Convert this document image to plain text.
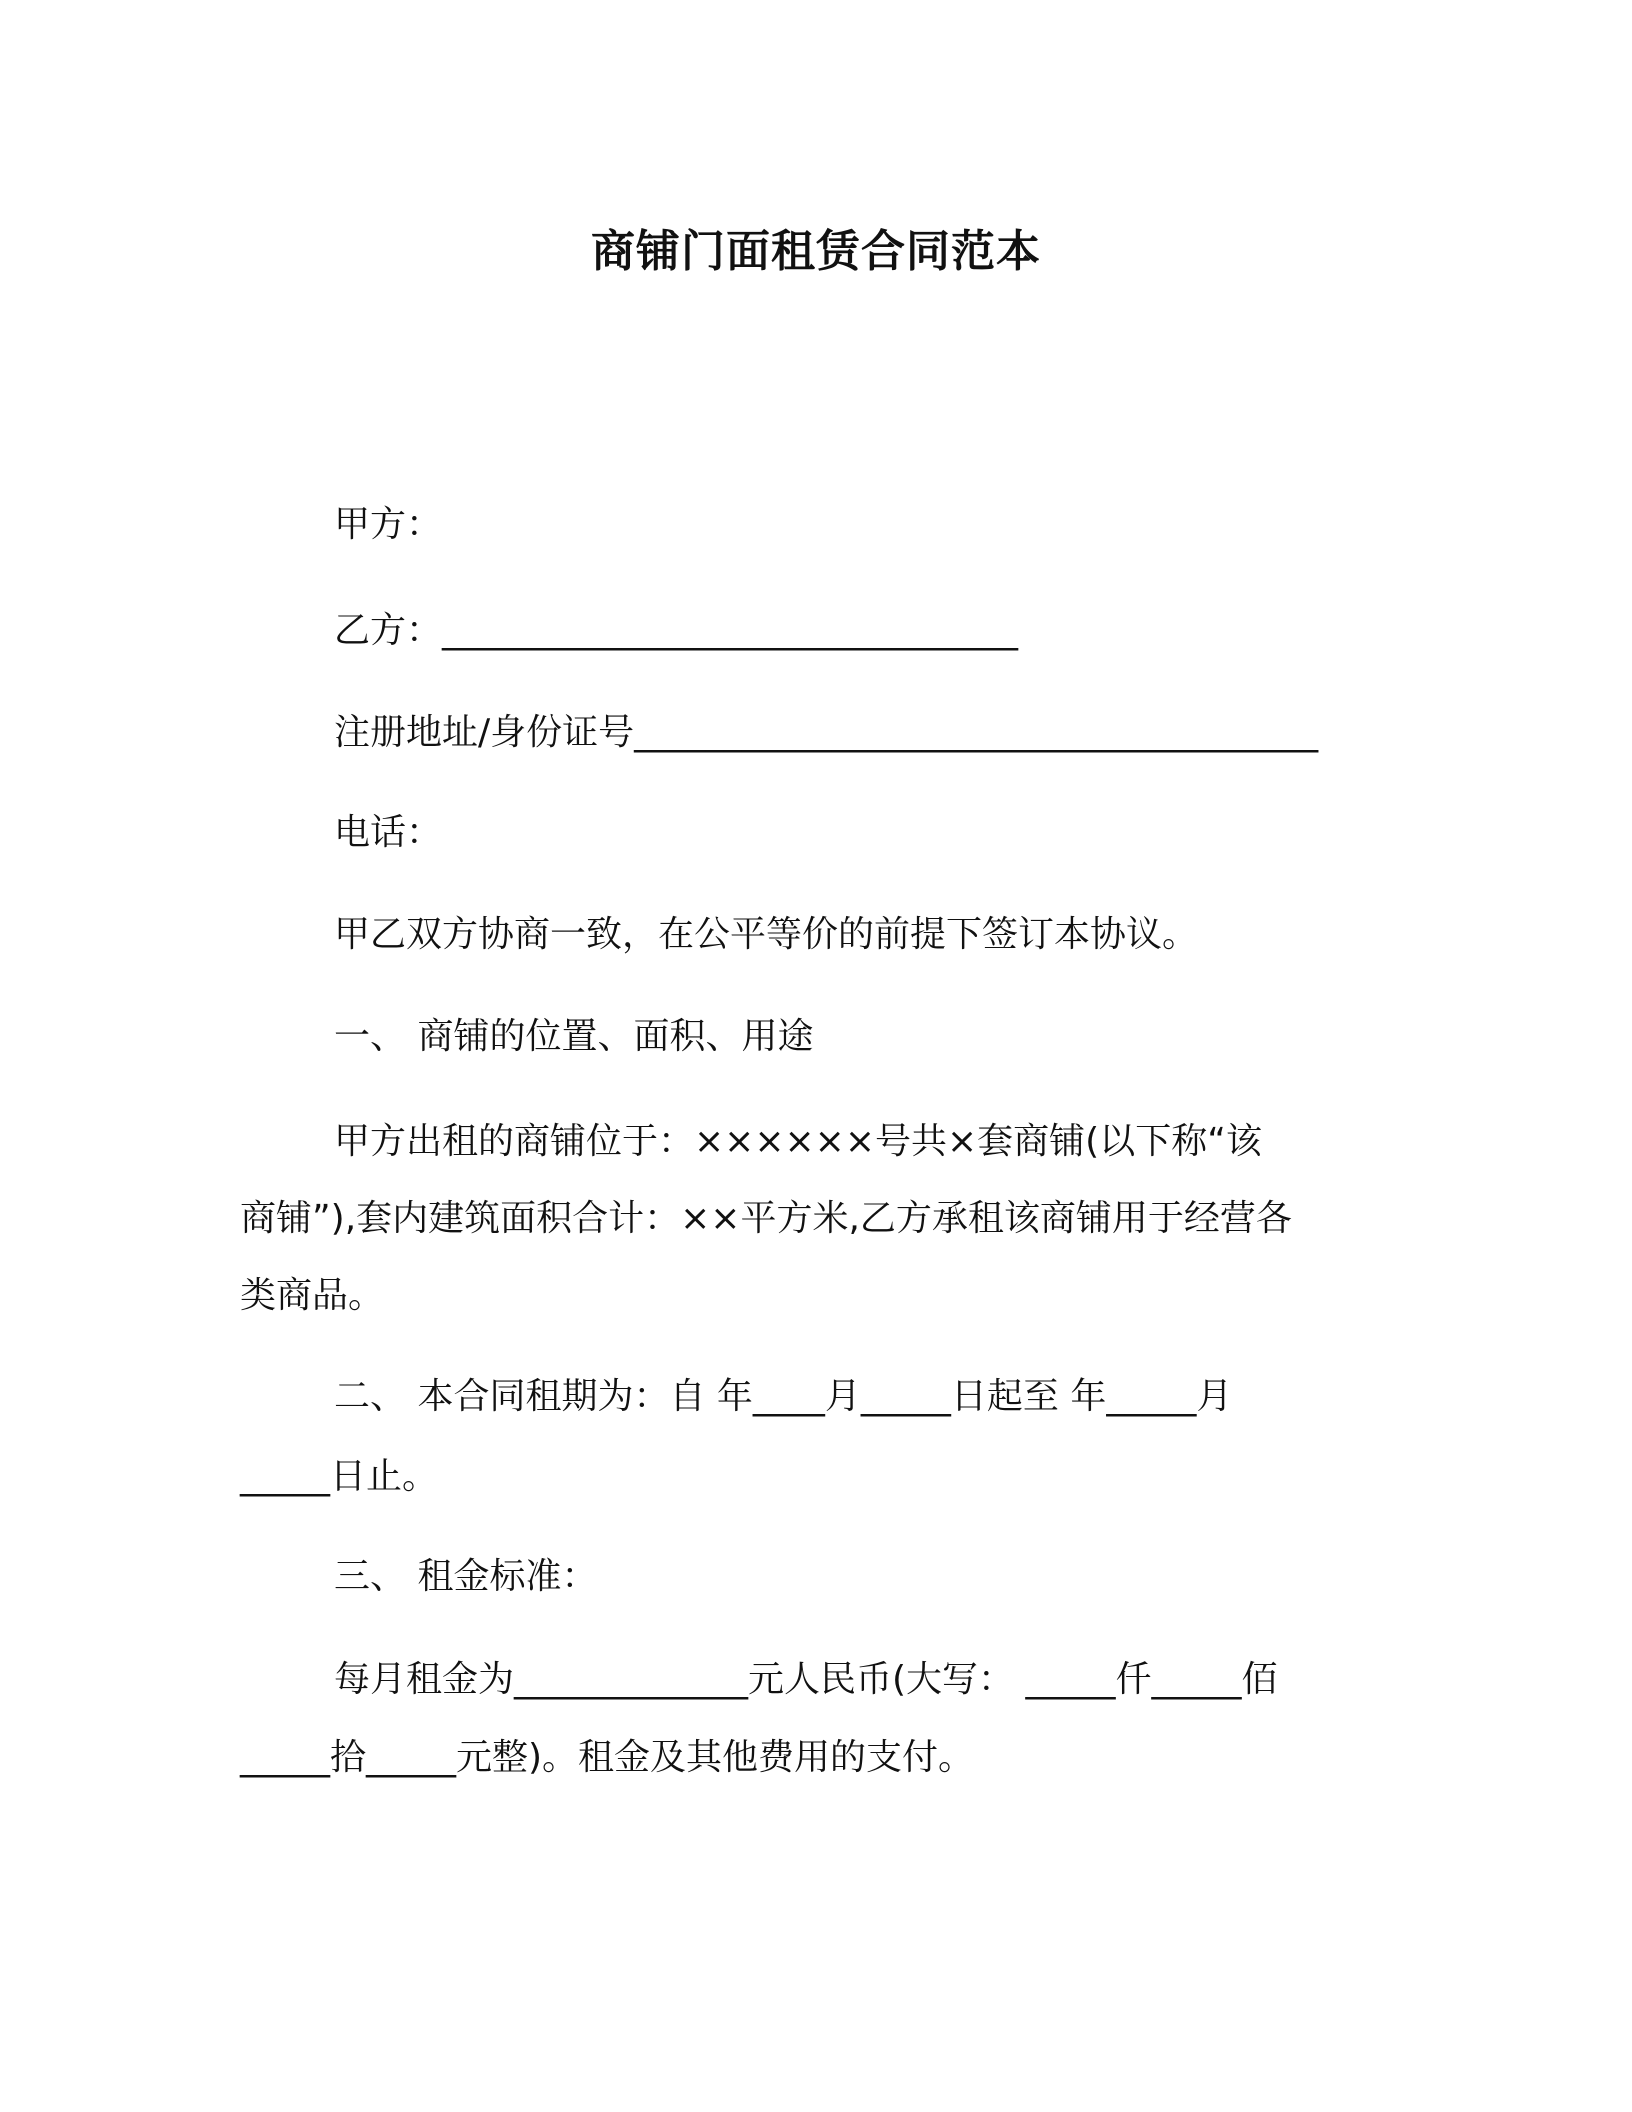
商铺门面租赁合同范本
甲方：
乙方：________________________________
注册地址/身份证号______________________________________
电话：
甲乙双方协商一致，在公平等价的前提下签订本协议。
一、 商铺的位置、面积、用途
甲方出租的商铺位于：××××××号共×套商铺(以下称“该
商铺”),套内建筑面积合计：××平方米,乙方承租该商铺用于经营各
类商品。
二、 本合同租期为：自 年____月_____日起至 年_____月
_____日止。
三、 租金标准：
每月租金为_____________元人民币(大写： _____仟_____佰
_____拾_____元整)。租金及其他费用的支付。
